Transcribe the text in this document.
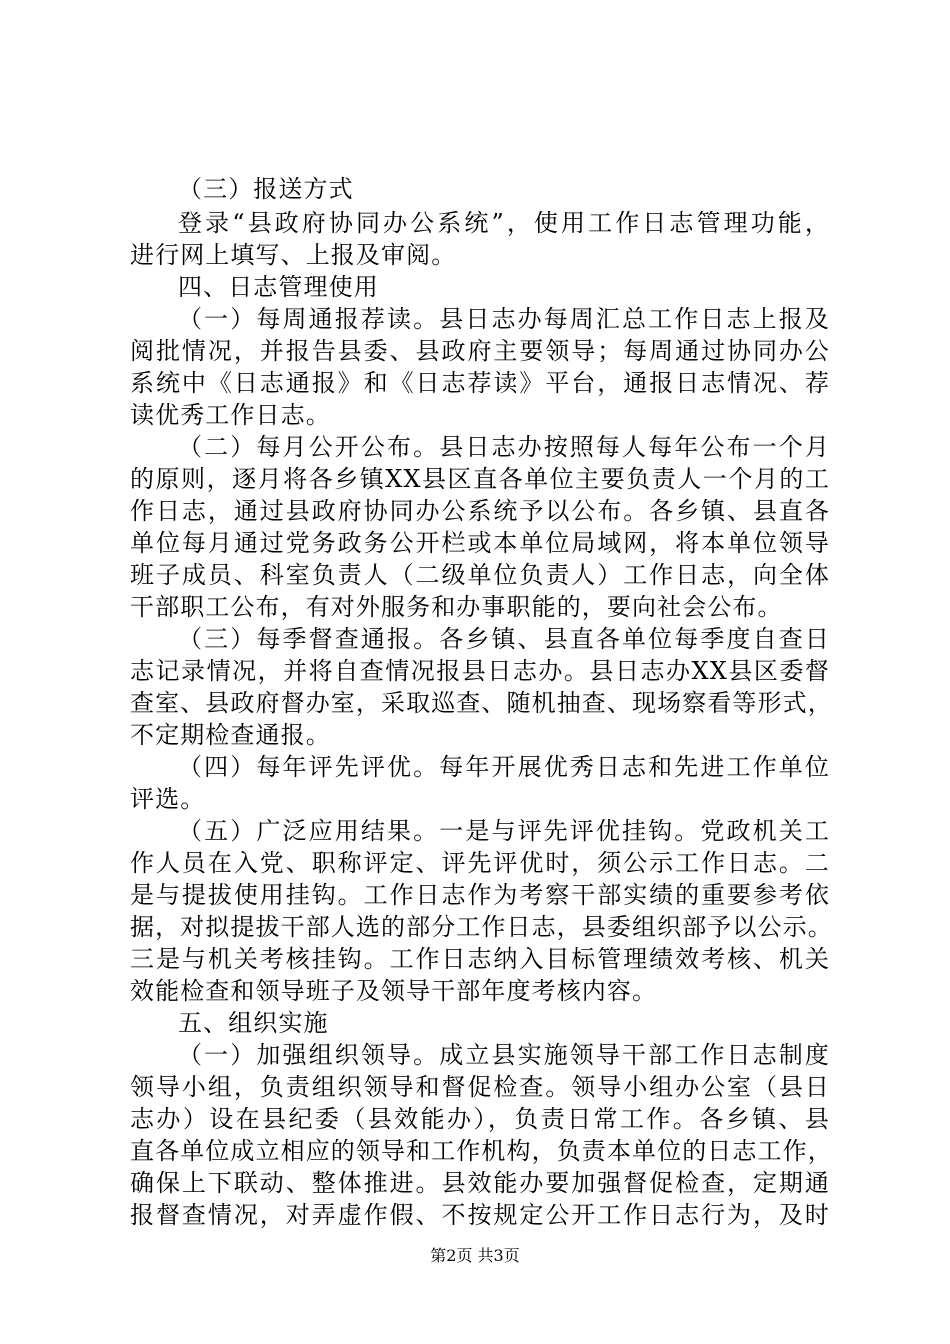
（三）报送方式
登录“县政府协同办公系统”，使用工作日志管理功能，
进行网上填写、上报及审阅。
四、日志管理使用
（一）每周通报荐读。县日志办每周汇总工作日志上报及
阅批情况，并报告县委、县政府主要领导；每周通过协同办公
系统中《日志通报》和《日志荐读》平台，通报日志情况、荐
读优秀工作日志。
（二）每月公开公布。县日志办按照每人每年公布一个月
的原则，逐月将各乡镇XX县区直各单位主要负责人一个月的工
作日志，通过县政府协同办公系统予以公布。各乡镇、县直各
单位每月通过党务政务公开栏或本单位局域网，将本单位领导
班子成员、科室负责人（二级单位负责人）工作日志，向全体
干部职工公布，有对外服务和办事职能的，要向社会公布。
（三）每季督查通报。各乡镇、县直各单位每季度自查日
志记录情况，并将自查情况报县日志办。县日志办XX县区委督
查室、县政府督办室，采取巡查、随机抽查、现场察看等形式，
不定期检查通报。
（四）每年评先评优。每年开展优秀日志和先进工作单位
评选。
（五）广泛应用结果。一是与评先评优挂钩。党政机关工
作人员在入党、职称评定、评先评优时，须公示工作日志。二
是与提拔使用挂钩。工作日志作为考察干部实绩的重要参考依
据，对拟提拔干部人选的部分工作日志，县委组织部予以公示。
三是与机关考核挂钩。工作日志纳入目标管理绩效考核、机关
效能检查和领导班子及领导干部年度考核内容。
五、组织实施
（一）加强组织领导。成立县实施领导干部工作日志制度
领导小组，负责组织领导和督促检查。领导小组办公室（县日
志办）设在县纪委（县效能办），负责日常工作。各乡镇、县
直各单位成立相应的领导和工作机构，负责本单位的日志工作，
确保上下联动、整体推进。县效能办要加强督促检查，定期通
报督查情况，对弄虚作假、不按规定公开工作日志行为，及时
第2页 共3页
